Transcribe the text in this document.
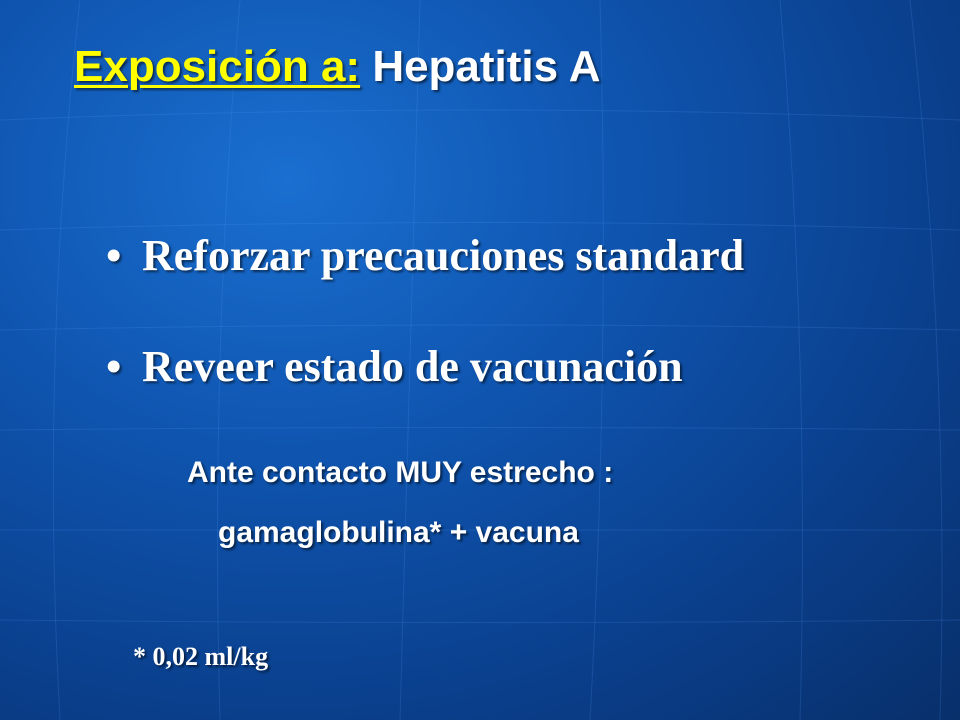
Exposición a: Hepatitis A
• Reforzar precauciones standard
• Reveer estado de vacunación
Ante contacto MUY estrecho :
gamaglobulina* + vacuna
* 0,02 ml/kg
